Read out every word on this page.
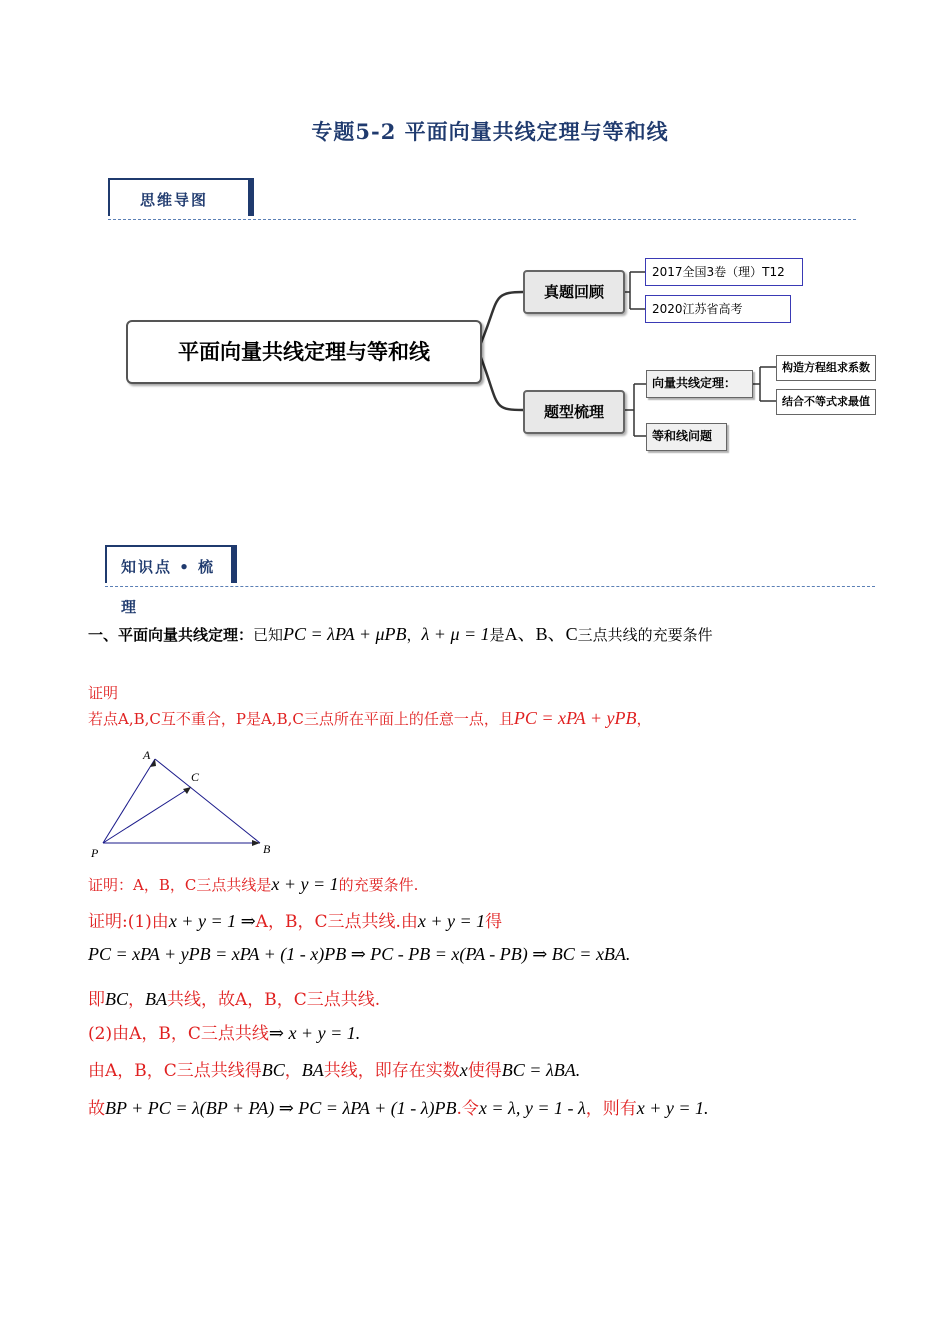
专题5-2 平面向量共线定理与等和线
思维导图
平面向量共线定理与等和线
真题回顾
2017全国3卷（理）T12
2020江苏省高考
题型梳理
向量共线定理：
构造方程组求系数
结合不等式求最值
等和线问题
知识点 • 梳理
一、平面向量共线定理：已知PC = λPA + μPB，λ + μ = 1是A、B、C三点共线的充要条件
证明
若点A,B,C互不重合，P是A,B,C三点所在平面上的任意一点，且PC = xPA + yPB，
A
C
B
P
证明：A，B，C三点共线是x + y = 1的充要条件.
证明:(1)由x + y = 1 ⇒A，B，C三点共线.由x + y = 1得
PC = xPA + yPB = xPA + (1 - x)PB ⇒ PC - PB = x(PA - PB) ⇒ BC = xBA.
即BC，BA共线，故A，B，C三点共线.
(2)由A，B，C三点共线⇒ x + y = 1.
由A，B，C三点共线得BC，BA共线，即存在实数x使得BC = λBA.
故BP + PC = λ(BP + PA) ⇒ PC = λPA + (1 - λ)PB.令x = λ, y = 1 - λ，则有x + y = 1.
